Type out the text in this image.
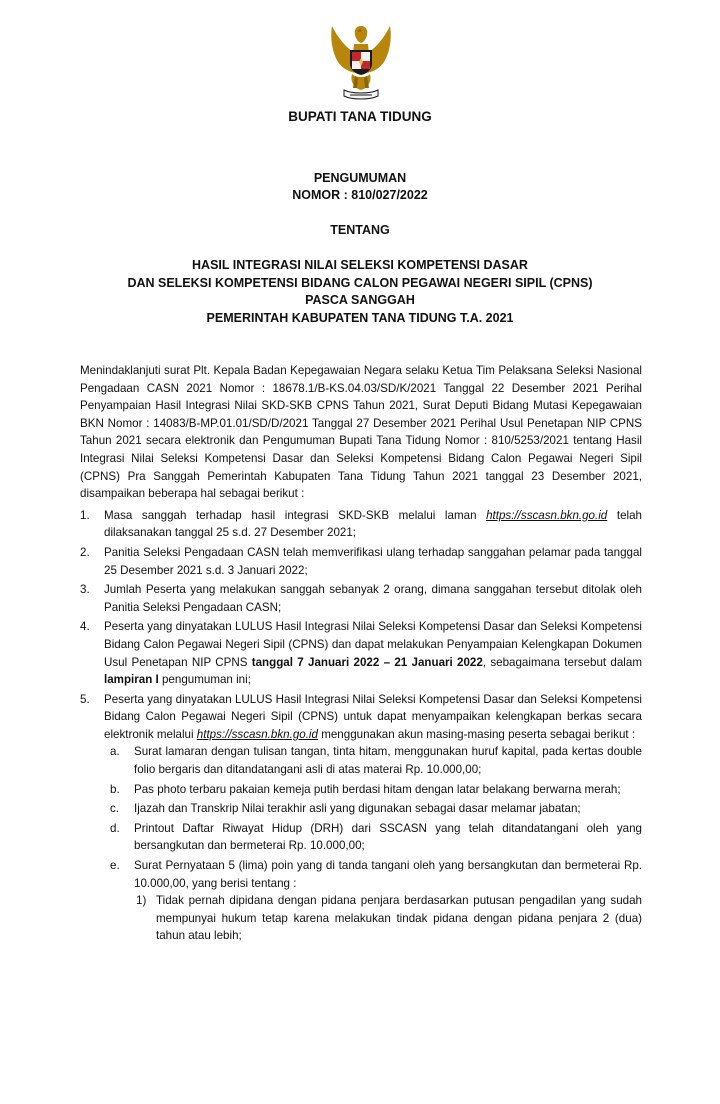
BUPATI TANA TIDUNG
PENGUMUMAN
NOMOR : 810/027/2022
TENTANG
HASIL INTEGRASI NILAI SELEKSI KOMPETENSI DASAR
DAN SELEKSI KOMPETENSI BIDANG CALON PEGAWAI NEGERI SIPIL (CPNS)
PASCA SANGGAH
PEMERINTAH KABUPATEN TANA TIDUNG T.A. 2021

Menindaklanjuti surat Plt. Kepala Badan Kepegawaian Negara selaku Ketua Tim Pelaksana Seleksi Nasional Pengadaan CASN 2021 Nomor : 18678.1/B-KS.04.03/SD/K/2021 Tanggal 22 Desember 2021 Perihal Penyampaian Hasil Integrasi Nilai SKD-SKB CPNS Tahun 2021, Surat Deputi Bidang Mutasi Kepegawaian BKN Nomor : 14083/B-MP.01.01/SD/D/2021 Tanggal 27 Desember 2021 Perihal Usul Penetapan NIP CPNS Tahun 2021 secara elektronik dan Pengumuman Bupati Tana Tidung Nomor : 810/5253/2021 tentang Hasil Integrasi Nilai Seleksi Kompetensi Dasar dan Seleksi Kompetensi Bidang Calon Pegawai Negeri Sipil (CPNS) Pra Sanggah Pemerintah Kabupaten Tana Tidung Tahun 2021 tanggal 23 Desember 2021, disampaikan beberapa hal sebagai berikut :

1. Masa sanggah terhadap hasil integrasi SKD-SKB melalui laman https://sscasn.bkn.go.id telah dilaksanakan tanggal 25 s.d. 27 Desember 2021;
2. Panitia Seleksi Pengadaan CASN telah memverifikasi ulang terhadap sanggahan pelamar pada tanggal 25 Desember 2021 s.d. 3 Januari 2022;
3. Jumlah Peserta yang melakukan sanggah sebanyak 2 orang, dimana sanggahan tersebut ditolak oleh Panitia Seleksi Pengadaan CASN;
4. Peserta yang dinyatakan LULUS Hasil Integrasi Nilai Seleksi Kompetensi Dasar dan Seleksi Kompetensi Bidang Calon Pegawai Negeri Sipil (CPNS) dan dapat melakukan Penyampaian Kelengkapan Dokumen Usul Penetapan NIP CPNS tanggal 7 Januari 2022 – 21 Januari 2022, sebagaimana tersebut dalam lampiran I pengumuman ini;
5. Peserta yang dinyatakan LULUS Hasil Integrasi Nilai Seleksi Kompetensi Dasar dan Seleksi Kompetensi Bidang Calon Pegawai Negeri Sipil (CPNS) untuk dapat menyampaikan kelengkapan berkas secara elektronik melalui https://sscasn.bkn.go.id menggunakan akun masing-masing peserta sebagai berikut :
a. Surat lamaran dengan tulisan tangan, tinta hitam, menggunakan huruf kapital, pada kertas double folio bergaris dan ditandatangani asli di atas materai Rp. 10.000,00;
b. Pas photo terbaru pakaian kemeja putih berdasi hitam dengan latar belakang berwarna merah;
c. Ijazah dan Transkrip Nilai terakhir asli yang digunakan sebagai dasar melamar jabatan;
d. Printout Daftar Riwayat Hidup (DRH) dari SSCASN yang telah ditandatangani oleh yang bersangkutan dan bermeterai Rp. 10.000,00;
e. Surat Pernyataan 5 (lima) poin yang di tanda tangani oleh yang bersangkutan dan bermeterai Rp. 10.000,00, yang berisi tentang :
1) Tidak pernah dipidana dengan pidana penjara berdasarkan putusan pengadilan yang sudah mempunyai hukum tetap karena melakukan tindak pidana dengan pidana penjara 2 (dua) tahun atau lebih;
